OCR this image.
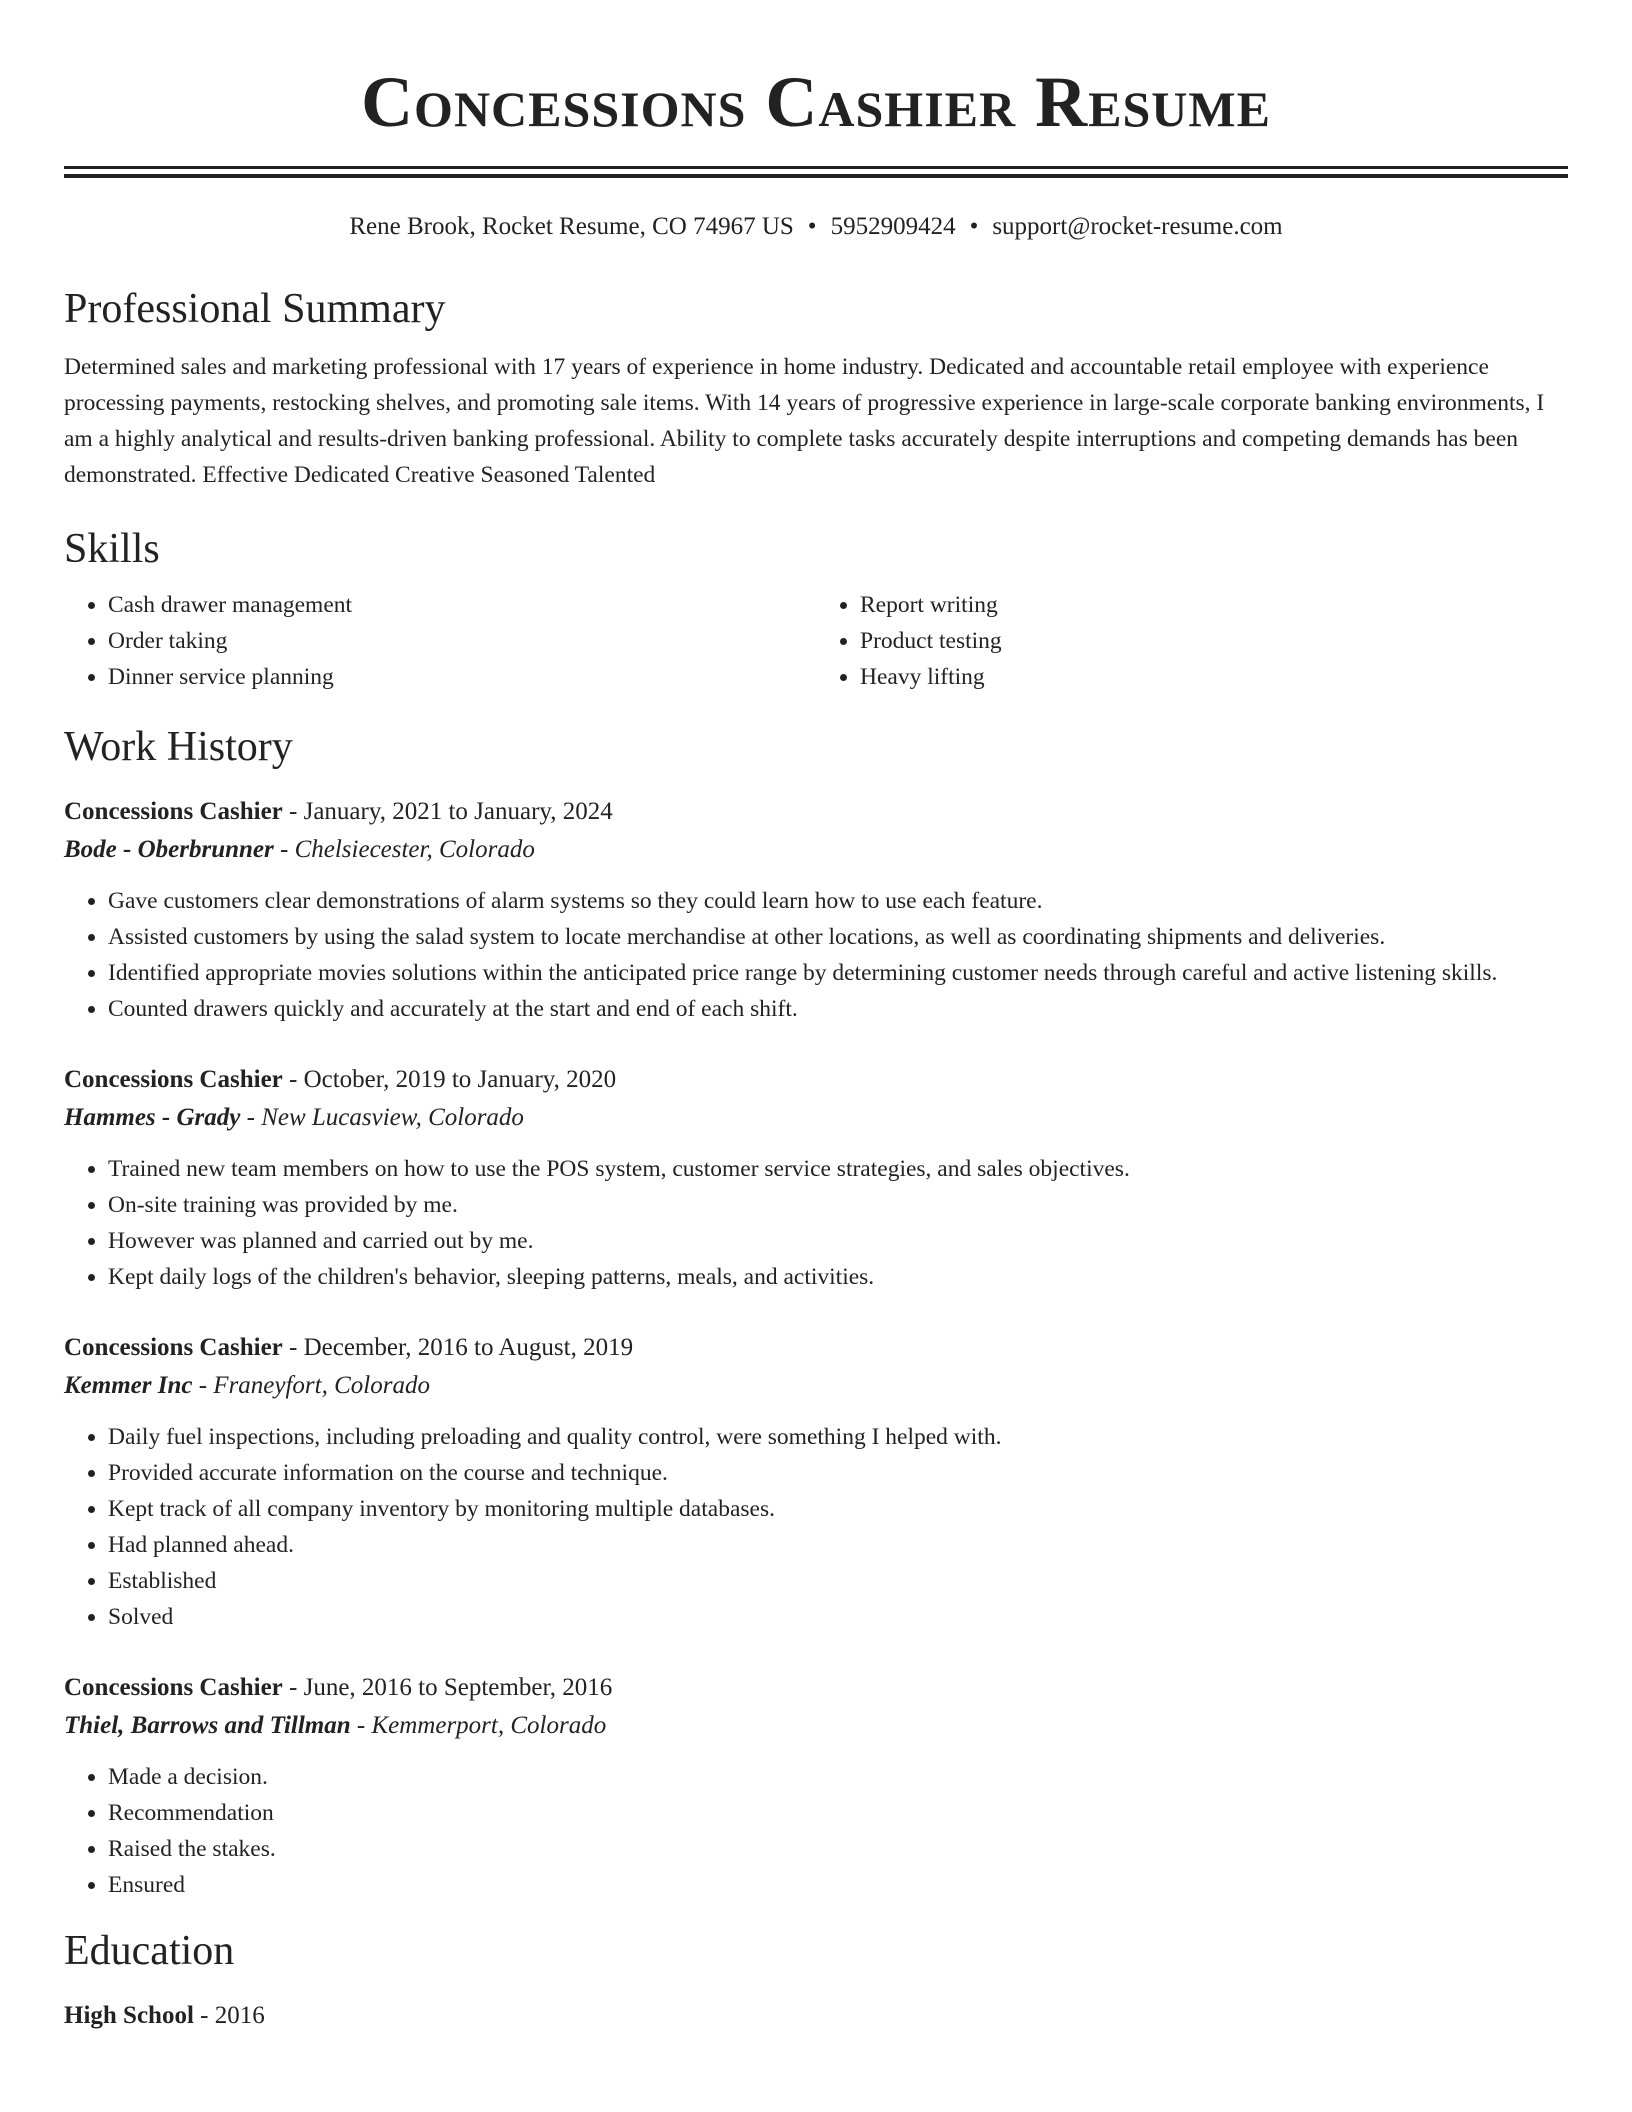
Concessions Cashier Resume
Rene Brook, Rocket Resume, CO 74967 US • 5952909424 • support@rocket-resume.com
Professional Summary

Determined sales and marketing professional with 17 years of experience in home industry. Dedicated and accountable retail employee with experience processing payments, restocking shelves, and promoting sale items. With 14 years of progressive experience in large-scale corporate banking environments, I am a highly analytical and results-driven banking professional. Ability to complete tasks accurately despite interruptions and competing demands has been demonstrated. Effective Dedicated Creative Seasoned Talented

Skills
• Cash drawer management
• Order taking
• Dinner service planning
• Report writing
• Product testing
• Heavy lifting
Work History
Concessions Cashier - January, 2021 to January, 2024
Bode - Oberbrunner - Chelsiecester, Colorado
• Gave customers clear demonstrations of alarm systems so they could learn how to use each feature.
• Assisted customers by using the salad system to locate merchandise at other locations, as well as coordinating shipments and deliveries.
• Identified appropriate movies solutions within the anticipated price range by determining customer needs through careful and active listening skills.
• Counted drawers quickly and accurately at the start and end of each shift.
Concessions Cashier - October, 2019 to January, 2020
Hammes - Grady - New Lucasview, Colorado
• Trained new team members on how to use the POS system, customer service strategies, and sales objectives.
• On-site training was provided by me.
• However was planned and carried out by me.
• Kept daily logs of the children's behavior, sleeping patterns, meals, and activities.
Concessions Cashier - December, 2016 to August, 2019
Kemmer Inc - Franeyfort, Colorado
• Daily fuel inspections, including preloading and quality control, were something I helped with.
• Provided accurate information on the course and technique.
• Kept track of all company inventory by monitoring multiple databases.
• Had planned ahead.
• Established
• Solved
Concessions Cashier - June, 2016 to September, 2016
Thiel, Barrows and Tillman - Kemmerport, Colorado
• Made a decision.
• Recommendation
• Raised the stakes.
• Ensured
Education
High School - 2016
